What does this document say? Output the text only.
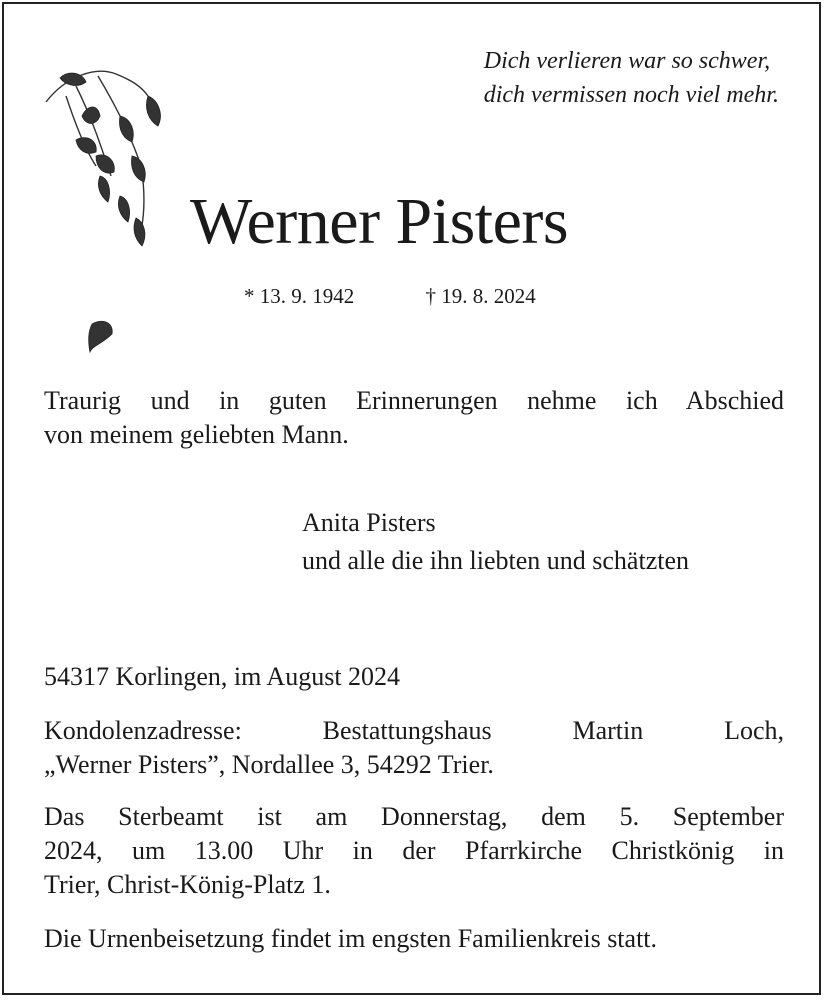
Dich verlieren war so schwer,
dich vermissen noch viel mehr.
Werner Pisters
* 13. 9. 1942	† 19. 8. 2024
Traurig und in guten Erinnerungen nehme ich Abschied
von meinem geliebten Mann.
Anita Pisters
und alle die ihn liebten und schätzten
54317 Korlingen, im August 2024
Kondolenzadresse: Bestattungshaus Martin Loch,
„Werner Pisters”, Nordallee 3, 54292 Trier.
Das Sterbeamt ist am Donnerstag, dem 5. September
2024, um 13.00 Uhr in der Pfarrkirche Christkönig in
Trier, Christ-König-Platz 1.
Die Urnenbeisetzung findet im engsten Familienkreis statt.
